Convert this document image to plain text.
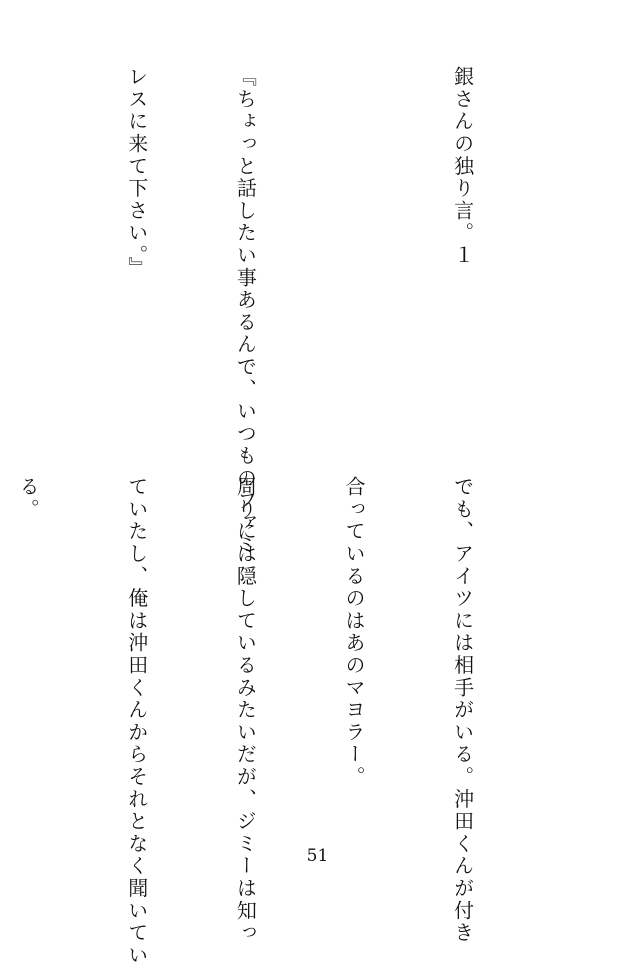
銀さんの独り言。１

『ちょっと話したい事あるんで、いつものファミ

レスに来て下さい。』

でも、アイツには相手がいる。沖田くんが付き

合っているのはあのマヨラー。

周りには隠しているみたいだが、ジミーは知っ

ていたし、俺は沖田くんからそれとなく聞いてい

る。

51
